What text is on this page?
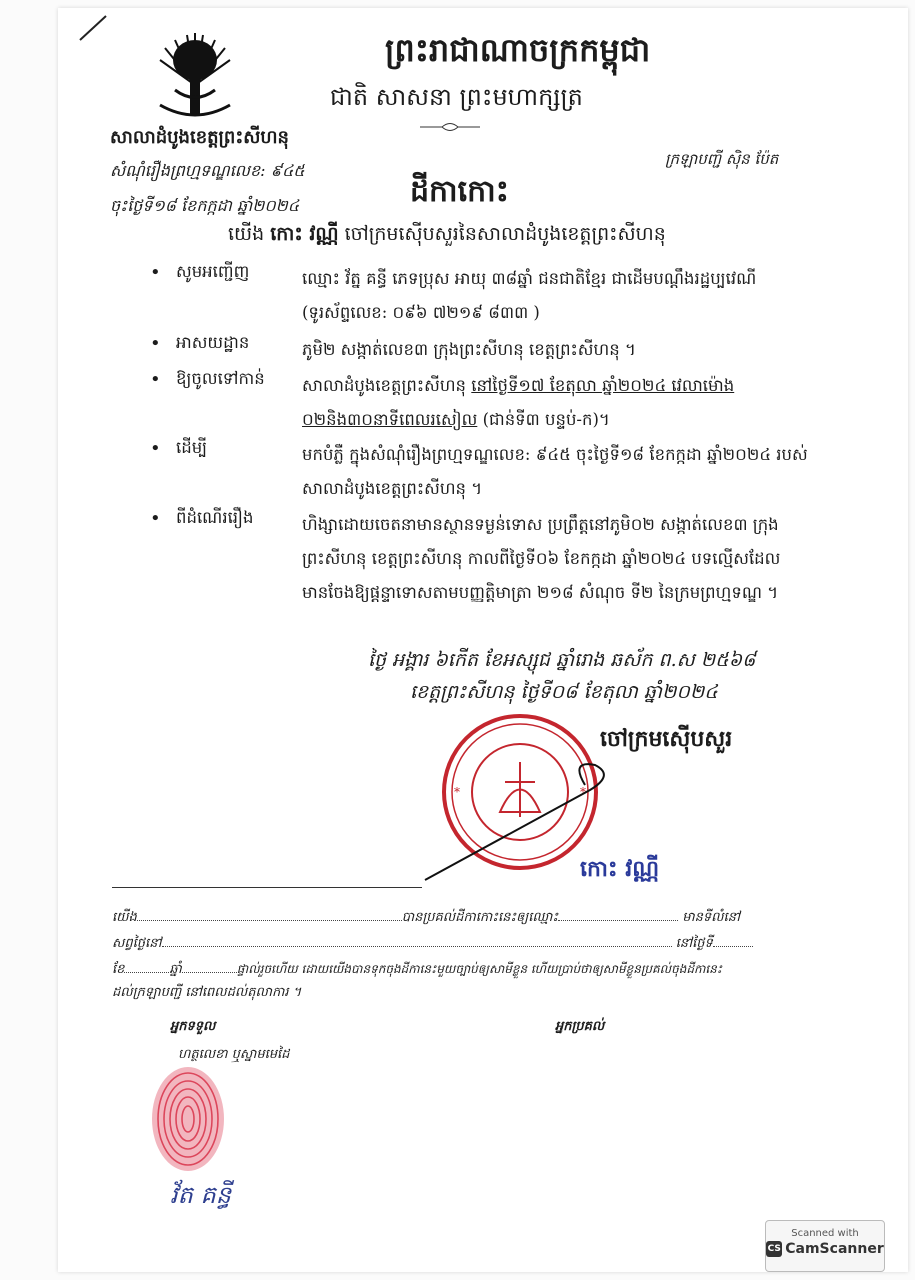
ព្រះរាជាណាចក្រកម្ពុជា
ជាតិ សាសនា ព្រះមហាក្សត្រ
សាលាដំបូងខេត្តព្រះសីហនុ
សំណុំរឿងព្រហ្មទណ្ឌលេខ: ៩៤៥
ចុះថ្ងៃទី១៨ ខែកក្កដា ឆ្នាំ២០២៤
ក្រឡាបញ្ជី ស៊ិន ប៉ែត
ដីកាកោះ
យើង កោះ វណ្ណី ចៅក្រមស៊ើបសួរនៃសាលាដំបូងខេត្តព្រះសីហនុ
• សូមអញ្ជើញ	ឈ្មោះ វ័ត្ន គន្ធី ភេទប្រុស អាយុ ៣៨ឆ្នាំ ជនជាតិខ្មែរ ជាដើមបណ្តឹងរដ្ឋប្បវេណី (ទូរស័ព្ទលេខ: ០៩៦ ៧២១៩ ៨៣៣ )
• អាសយដ្ឋាន	ភូមិ២ សង្កាត់លេខ៣ ក្រុងព្រះសីហនុ ខេត្តព្រះសីហនុ ។
• ឱ្យចូលទៅកាន់	សាលាដំបូងខេត្តព្រះសីហនុ នៅថ្ងៃទី១៧ ខែតុលា ឆ្នាំ២០២៤ វេលាម៉ោង ០២និង៣០នាទីពេលរសៀល (ជាន់ទី៣ បន្ទប់-ក)។
• ដើម្បី	មកបំភ្លឺ ក្នុងសំណុំរឿងព្រហ្មទណ្ឌលេខ: ៩៤៥ ចុះថ្ងៃទី១៨ ខែកក្កដា ឆ្នាំ២០២៤ របស់សាលាដំបូងខេត្តព្រះសីហនុ ។
• ពីដំណើររឿង	ហិង្សាដោយចេតនាមានស្ថានទម្ងន់ទោស ប្រព្រឹត្តនៅភូមិ០២ សង្កាត់លេខ៣ ក្រុងព្រះសីហនុ ខេត្តព្រះសីហនុ កាលពីថ្ងៃទី០៦ ខែកក្កដា ឆ្នាំ២០២៤ បទល្មើសដែលមានចែងឱ្យផ្តន្ទាទោសតាមបញ្ញត្តិមាត្រា ២១៨ សំណុច ទី២ នៃក្រមព្រហ្មទណ្ឌ ។
ថ្ងៃ អង្គារ ៦កើត ខែអស្សុជ ឆ្នាំរោង ឆស័ក ព.ស ២៥៦៨
ខេត្តព្រះសីហនុ ថ្ងៃទី០៨ ខែតុលា ឆ្នាំ២០២៤
*	*
ចៅក្រមស៊ើបសួរ
កោះ វណ្ណី
យើង	បានប្រគល់ដីកាកោះនេះឲ្យឈ្មោះ	មានទីលំនៅ
សព្វថ្ងៃនៅ	នៅថ្ងៃទី
ខែ	ឆ្នាំ	ផ្ទាល់រួចហើយ ដោយយើងបានទុកចុងដីកានេះមួយច្បាប់ឲ្យសាមីខ្លួន ហើយប្រាប់ថាឲ្យសាមីខ្លួនប្រគល់ចុងដីកានេះ
ដល់ក្រឡាបញ្ជី នៅពេលដល់តុលាការ ។
អ្នកទទួល
ហត្ថលេខា ឬស្នាមមេដៃ
អ្នកប្រគល់
វ័ត គន្ធី
Scanned with
CS CamScanner
